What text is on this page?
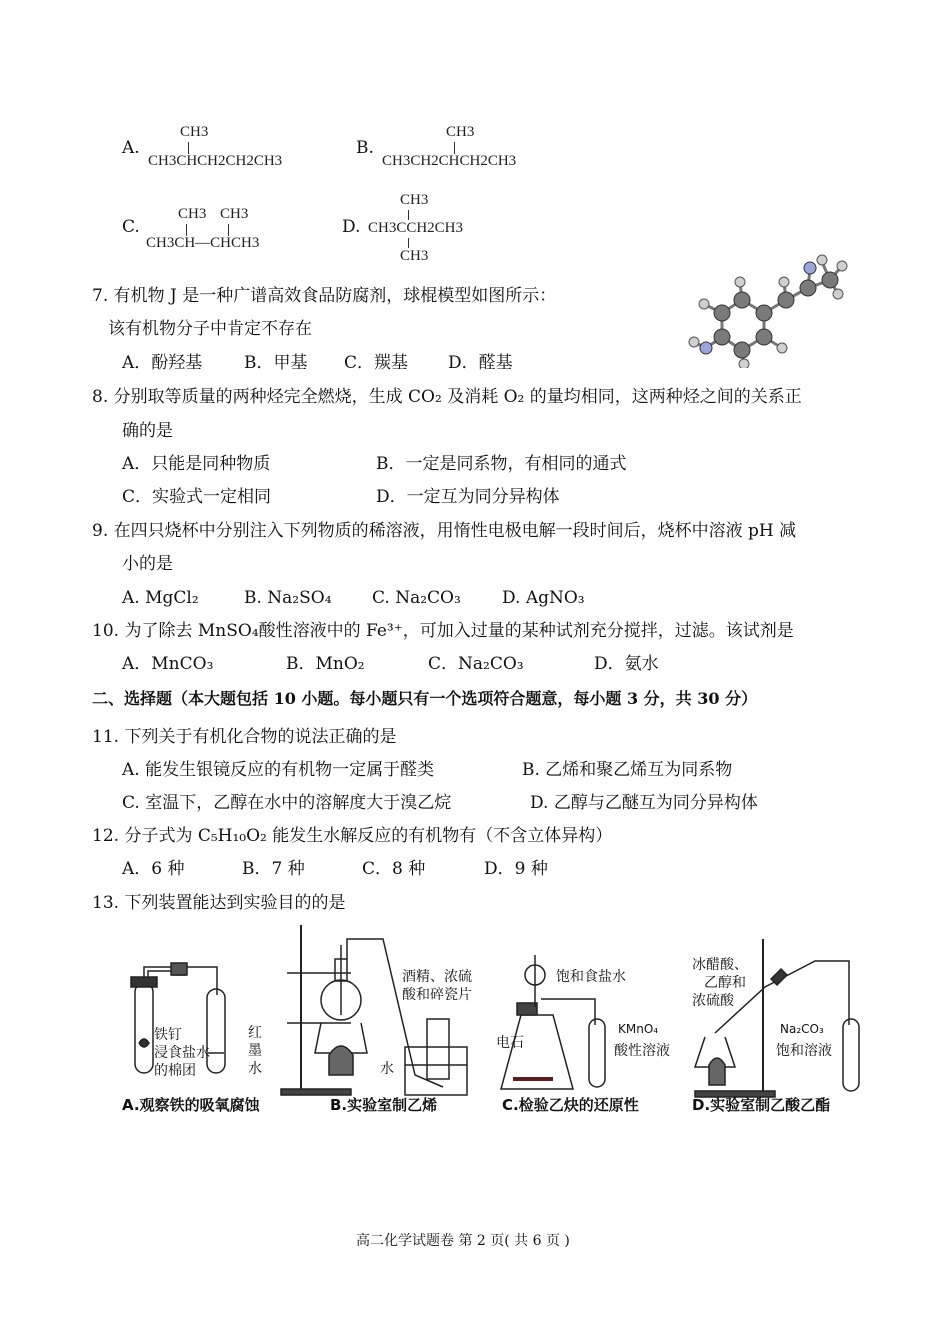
A.
CH3
CH3CHCH2CH2CH3
B.
CH3
CH3CH2CHCH2CH3
C.
CH3 CH3
CH3CH—CHCH3
D.
CH3
CH3CCH2CH3
CH3
7. 有机物 J 是一种广谱高效食品防腐剂，球棍模型如图所示：
该有机物分子中肯定不存在
A．酚羟基 B．甲基 C．羰基 D．醛基
8. 分别取等质量的两种烃完全燃烧，生成 CO₂ 及消耗 O₂ 的量均相同，这两种烃之间的关系正
确的是
A．只能是同种物质	B．一定是同系物，有相同的通式
C．实验式一定相同	D．一定互为同分异构体
9. 在四只烧杯中分别注入下列物质的稀溶液，用惰性电极电解一段时间后，烧杯中溶液 pH 减
小的是
A. MgCl₂	B. Na₂SO₄ C. Na₂CO₃ D. AgNO₃
10. 为了除去 MnSO₄酸性溶液中的 Fe³⁺，可加入过量的某种试剂充分搅拌，过滤。该试剂是
A．MnCO₃	B．MnO₂	C．Na₂CO₃	D．氨水
二、选择题（本大题包括 10 小题。每小题只有一个选项符合题意，每小题 3 分，共 30 分）
11. 下列关于有机化合物的说法正确的是
A. 能发生银镜反应的有机物一定属于醛类	B. 乙烯和聚乙烯互为同系物
C. 室温下，乙醇在水中的溶解度大于溴乙烷	D. 乙醇与乙醚互为同分异构体
12. 分子式为 C₅H₁₀O₂ 能发生水解反应的有机物有（不含立体异构）
A．6 种	B．7 种	C．8 种	D．9 种
13. 下列装置能达到实验目的的是
铁钉
浸食盐水
的棉团
红
墨
水
酒精、浓硫
酸和碎瓷片
水
饱和食盐水
电石
KMnO₄
酸性溶液
冰醋酸、
乙醇和
浓硫酸
Na₂CO₃
饱和溶液
A.观察铁的吸氧腐蚀	B.实验室制乙烯	C.检验乙炔的还原性	D.实验室制乙酸乙酯
高二化学试题卷 第 2 页( 共 6 页 )
